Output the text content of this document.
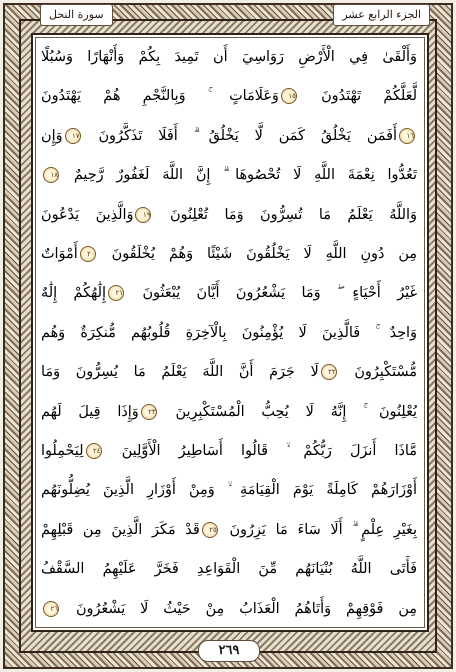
الجزء الرابع عشر
سورة النحل
وَأَلْقَىٰ فِي الْأَرْضِ رَوَاسِيَ أَن تَمِيدَ بِكُمْ وَأَنْهَارًا وَسُبُلًا
لَّعَلَّكُمْ تَهْتَدُونَ ١٥وَعَلَامَاتٍ ۚ وَبِالنَّجْمِ هُمْ يَهْتَدُونَ
١٦أَفَمَن يَخْلُقُ كَمَن لَّا يَخْلُقُ ۗ أَفَلَا تَذَكَّرُونَ ١٧وَإِن
تَعُدُّوا نِعْمَةَ اللَّهِ لَا تُحْصُوهَا ۗ إِنَّ اللَّهَ لَغَفُورٌ رَّحِيمٌ ١٨
وَاللَّهُ يَعْلَمُ مَا تُسِرُّونَ وَمَا تُعْلِنُونَ ١٩وَالَّذِينَ يَدْعُونَ
مِن دُونِ اللَّهِ لَا يَخْلُقُونَ شَيْئًا وَهُمْ يُخْلَقُونَ ٢٠أَمْوَاتٌ
غَيْرُ أَحْيَاءٍ ۖ وَمَا يَشْعُرُونَ أَيَّانَ يُبْعَثُونَ ٢١إِلَٰهُكُمْ إِلَٰهٌ
وَاحِدٌ ۚ فَالَّذِينَ لَا يُؤْمِنُونَ بِالْآخِرَةِ قُلُوبُهُم مُّنكِرَةٌ وَهُم
مُّسْتَكْبِرُونَ ٢٢لَا جَرَمَ أَنَّ اللَّهَ يَعْلَمُ مَا يُسِرُّونَ وَمَا
يُعْلِنُونَ ۚ إِنَّهُ لَا يُحِبُّ الْمُسْتَكْبِرِينَ ٢٣وَإِذَا قِيلَ لَهُم
مَّاذَا أَنزَلَ رَبُّكُمْ ۙ قَالُوا أَسَاطِيرُ الْأَوَّلِينَ ٢٤لِيَحْمِلُوا
أَوْزَارَهُمْ كَامِلَةً يَوْمَ الْقِيَامَةِ ۙ وَمِنْ أَوْزَارِ الَّذِينَ يُضِلُّونَهُم
بِغَيْرِ عِلْمٍ ۗ أَلَا سَاءَ مَا يَزِرُونَ ٢٥قَدْ مَكَرَ الَّذِينَ مِن قَبْلِهِمْ
فَأَتَى اللَّهُ بُنْيَانَهُم مِّنَ الْقَوَاعِدِ فَخَرَّ عَلَيْهِمُ السَّقْفُ
مِن فَوْقِهِمْ وَأَتَاهُمُ الْعَذَابُ مِنْ حَيْثُ لَا يَشْعُرُونَ ٢٦
٢٦٩
